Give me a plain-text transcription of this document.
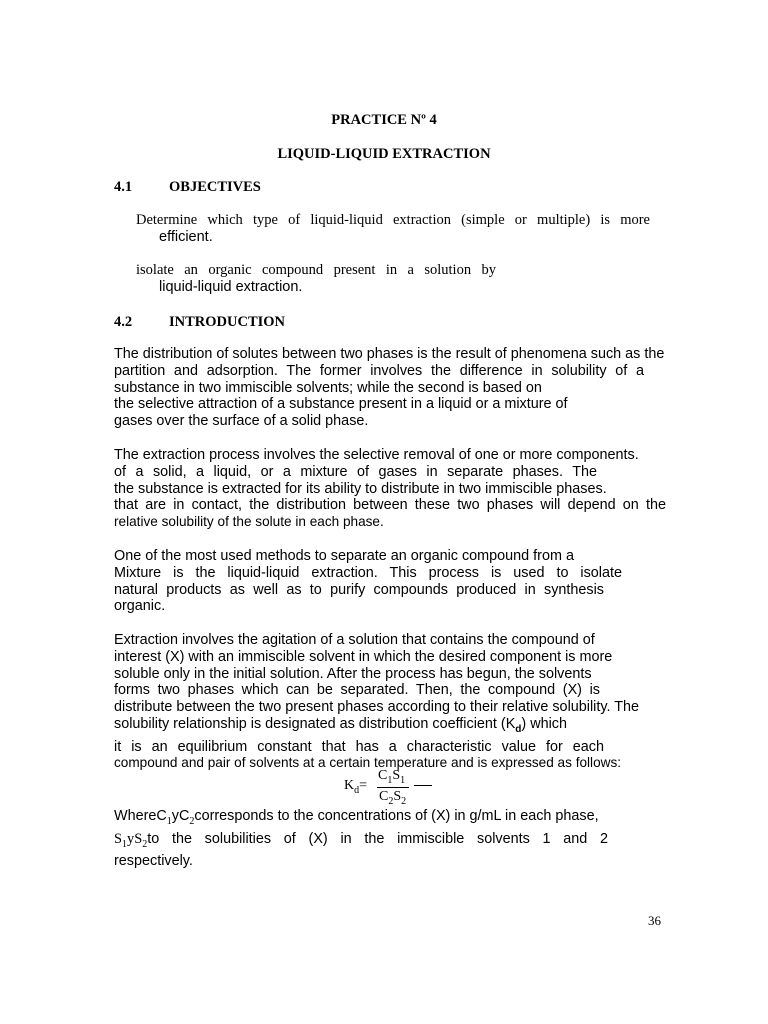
PRACTICE Nº 4
LIQUID-LIQUID EXTRACTION
4.1	OBJECTIVES
Determine which type of liquid-liquid extraction (simple or multiple) is more
efficient.
isolate an organic compound present in a solution by
liquid-liquid extraction.
4.2	INTRODUCTION
The distribution of solutes between two phases is the result of phenomena such as the
partition and adsorption. The former involves the difference in solubility of a
substance in two immiscible solvents; while the second is based on
the selective attraction of a substance present in a liquid or a mixture of
gases over the surface of a solid phase.
The extraction process involves the selective removal of one or more components.
of a solid, a liquid, or a mixture of gases in separate phases. The
the substance is extracted for its ability to distribute in two immiscible phases.
that are in contact, the distribution between these two phases will depend on the
relative solubility of the solute in each phase.
One of the most used methods to separate an organic compound from a
Mixture is the liquid-liquid extraction. This process is used to isolate
natural products as well as to purify compounds produced in synthesis
organic.
Extraction involves the agitation of a solution that contains the compound of
interest (X) with an immiscible solvent in which the desired component is more
soluble only in the initial solution. After the process has begun, the solvents
forms two phases which can be separated. Then, the compound (X) is
distribute between the two present phases according to their relative solubility. The
solubility relationship is designated as distribution coefficient $(K_d)$ which
it is an equilibrium constant that has a characteristic value for each
compound and pair of solvents at a certain temperature and is expressed as follows:
$K_d=$
$C_1S_1$
$C_2S_2$
$WhereC_1yC_2corresponds$ to the concentrations of (X) in g/mL in each phase,
$S_1yS_2$ to the solubilities of (X) in the immiscible solvents 1 and 2
respectively.
36
